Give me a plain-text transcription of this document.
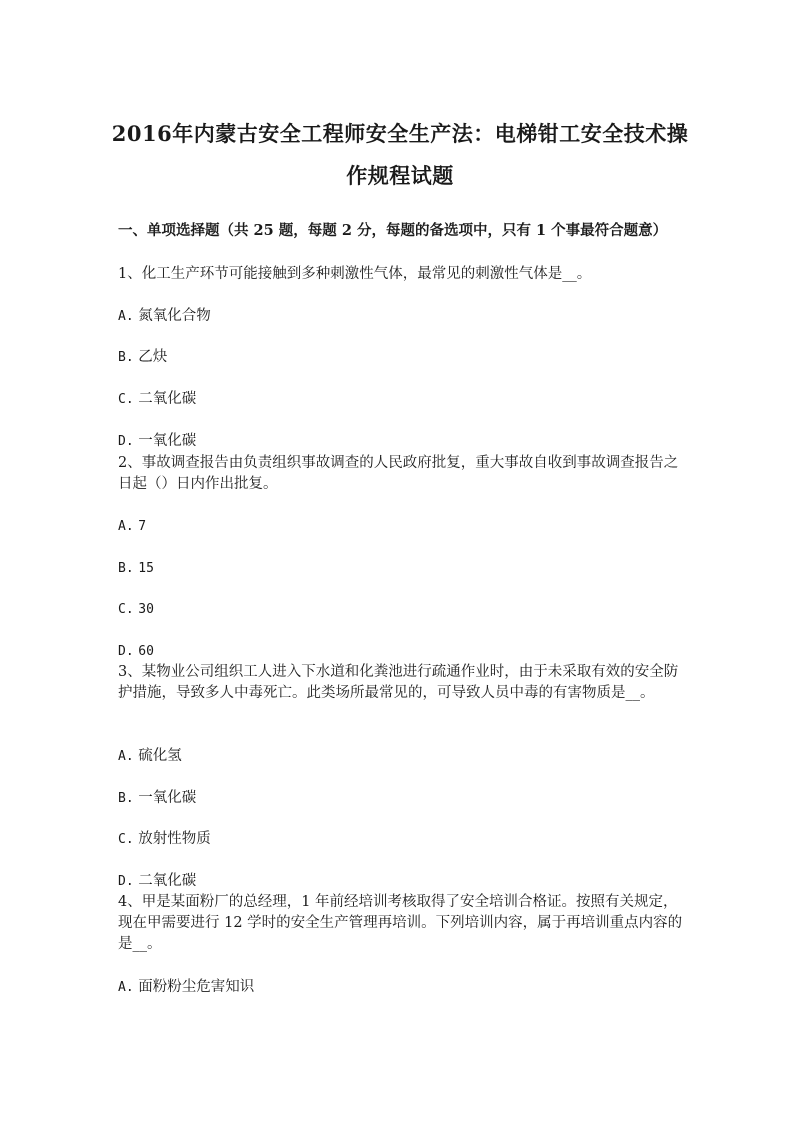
2016年内蒙古安全工程师安全生产法：电梯钳工安全技术操
作规程试题
一、单项选择题（共 25 题，每题 2 分，每题的备选项中，只有 1 个事最符合题意）

1、化工生产环节可能接触到多种刺激性气体，最常见的刺激性气体是__。

A. 氮氧化合物
B. 乙炔
C. 二氧化碳
D. 一氧化碳

2、事故调查报告由负责组织事故调查的人民政府批复，重大事故自收到事故调查报告之日起（）日内作出批复。

A. 7
B. 15
C. 30
D. 60

3、某物业公司组织工人进入下水道和化粪池进行疏通作业时，由于未采取有效的安全防护措施，导致多人中毒死亡。此类场所最常见的，可导致人员中毒的有害物质是__。

A. 硫化氢
B. 一氧化碳
C. 放射性物质
D. 二氧化碳

4、甲是某面粉厂的总经理，1 年前经培训考核取得了安全培训合格证。按照有关规定，现在甲需要进行 12 学时的安全生产管理再培训。下列培训内容，属于再培训重点内容的是__。

A. 面粉粉尘危害知识
